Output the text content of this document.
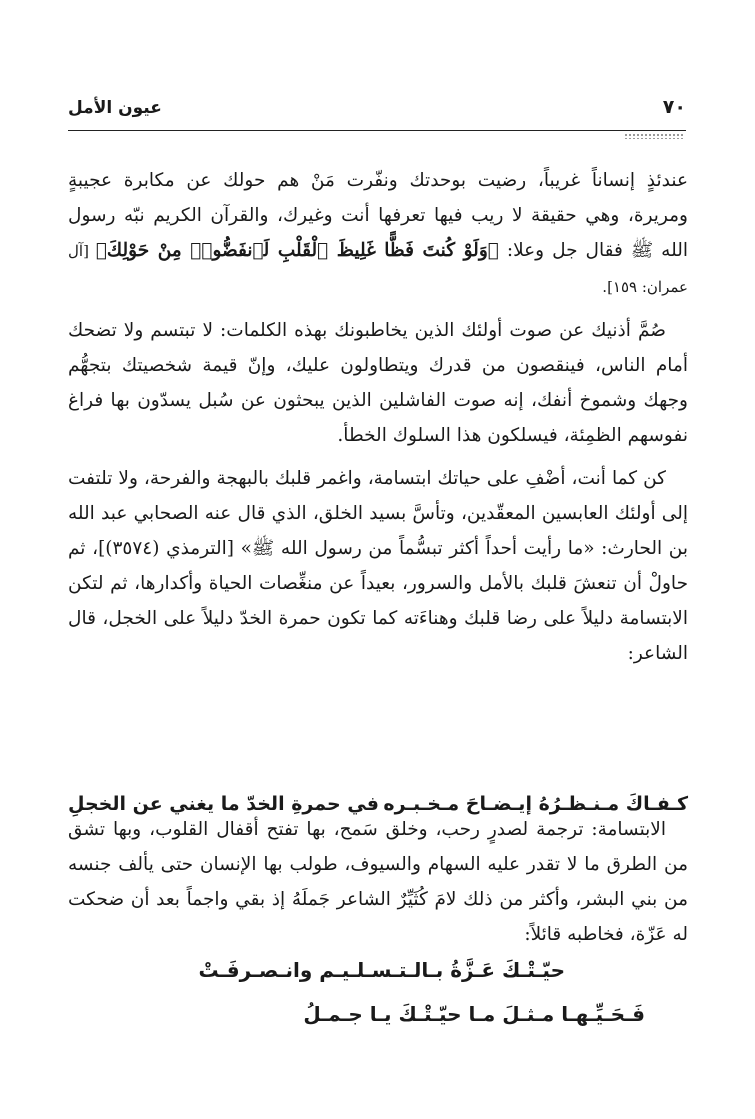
عيون الأمل	٧٠

عندئذٍ إنساناً غريباً، رضيت بوحدتك ونفّرت مَنْ هم حولك عن مكابرة عجيبةٍ ومريرة، وهي حقيقة لا ريب فيها تعرفها أنت وغيرك، والقرآن الكريم نبّه رسول الله ﷺ فقال جل وعلا: ﴿وَلَوْ كُنتَ فَظًّا غَلِيظَ ٱلْقَلْبِ لَٱنفَضُّوا۟ مِنْ حَوْلِكَ﴾ [آل عمران: ١٥٩].

صُمَّ أذنيك عن صوت أولئك الذين يخاطبونك بهذه الكلمات: لا تبتسم ولا تضحك أمام الناس، فينقصون من قدرك ويتطاولون عليك، وإنّ قيمة شخصيتك بتجهُّم وجهك وشموخ أنفك، إنه صوت الفاشلين الذين يبحثون عن سُبل يسدّون بها فراغ نفوسهم الظمِئة، فيسلكون هذا السلوك الخطأ.

كن كما أنت، أضْفِ على حياتك ابتسامة، واغمر قلبك بالبهجة والفرحة، ولا تلتفت إلى أولئك العابسين المعقّدين، وتأسَّ بسيد الخلق، الذي قال عنه الصحابي عبد الله بن الحارث: «ما رأيت أحداً أكثر تبسُّماً من رسول الله ﷺ» [الترمذي (٣٥٧٤)]، ثم حاولْ أن تنعشَ قلبك بالأمل والسرور، بعيداً عن منغِّصات الحياة وأكدارها، ثم لتكن الابتسامة دليلاً على رضا قلبك وهناءَته كما تكون حمرة الخدّ دليلاً على الخجل، قال الشاعر:

كـفـاكَ مـنـظـرُهُ إيـضـاحَ مـخـبـره
في حمرةِ الخدّ ما يغني عن الخجلِ

الابتسامة: ترجمة لصدرٍ رحب، وخلق سَمح، بها تفتح أقفال القلوب، وبها تشق من الطرق ما لا تقدر عليه السهام والسيوف، طولب بها الإنسان حتى يألف جنسه من بني البشر، وأكثر من ذلك لامَ كُثَيِّرٌ الشاعر جَملَهُ إذ بقي واجماً بعد أن ضحكت له عَزّة، فخاطبه قائلاً:

حيّـتْـكَ عَـزَّةُ بـالـتـسـلـيـم وانـصـرفَـتْ
فَـحَـيِّـهـا مـثـلَ مـا حيّـتْـكَ يـا جـمـلُ
